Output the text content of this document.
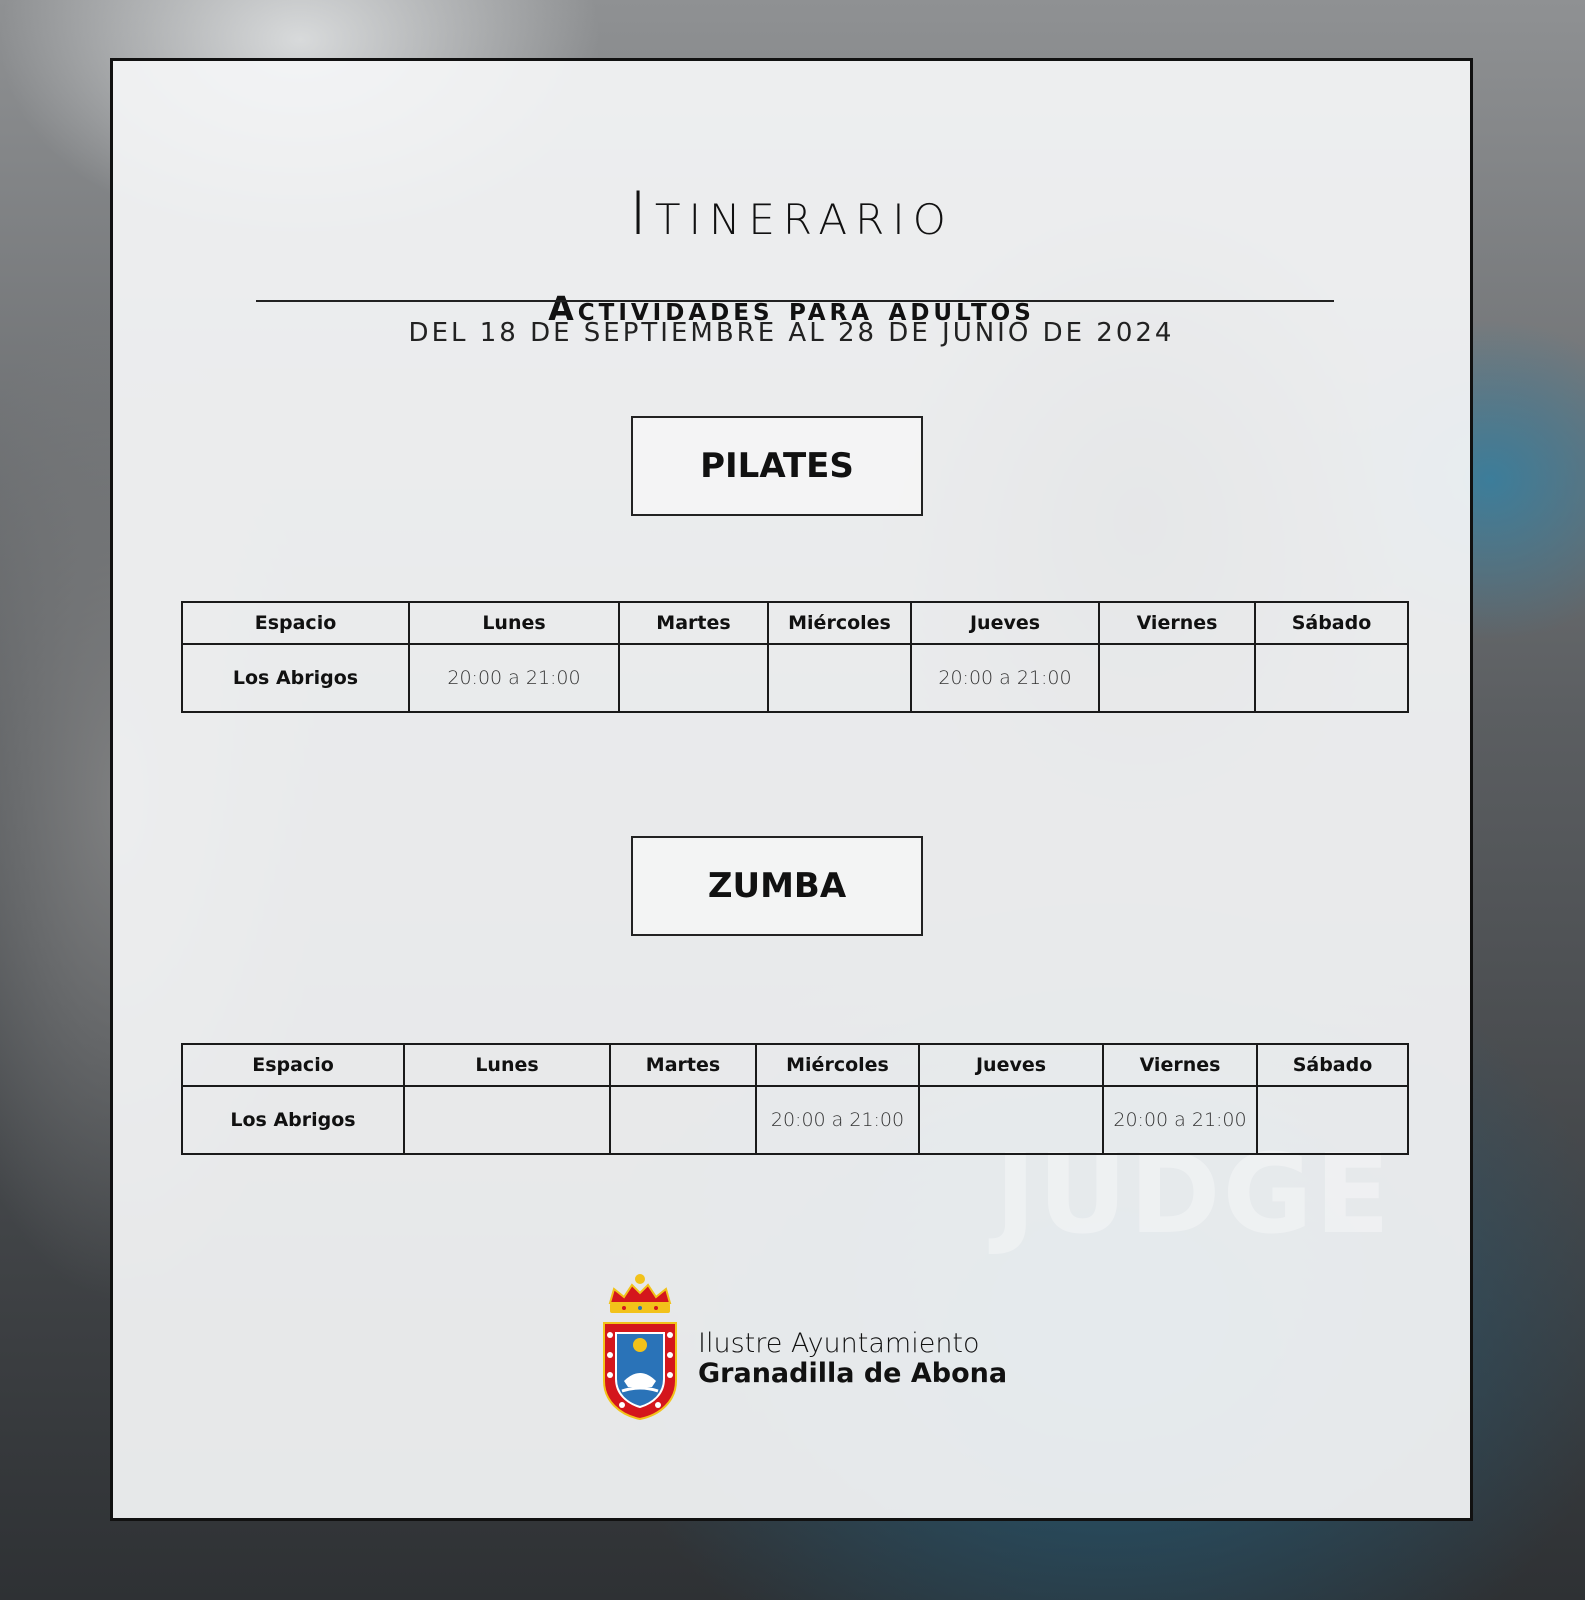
Itinerario
Actividades para adultos
DEL 18 DE SEPTIEMBRE AL 28 DE JUNIO DE 2024
PILATES
Espacio	Lunes	Martes	Miércoles	Jueves	Viernes	Sábado
Los Abrigos	20:00 a 21:00			20:00 a 21:00		
ZUMBA
Espacio	Lunes	Martes	Miércoles	Jueves	Viernes	Sábado
Los Abrigos			20:00 a 21:00		20:00 a 21:00	
Ilustre Ayuntamiento
Granadilla de Abona
